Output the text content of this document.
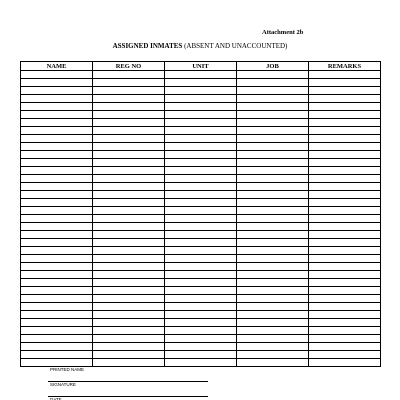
Attachment 2b
ASSIGNED INMATES (ABSENT AND UNACCOUNTED)
NAME	REG NO	UNIT	JOB	REMARKS

PRINTED NAME
SIGNATURE
DATE
